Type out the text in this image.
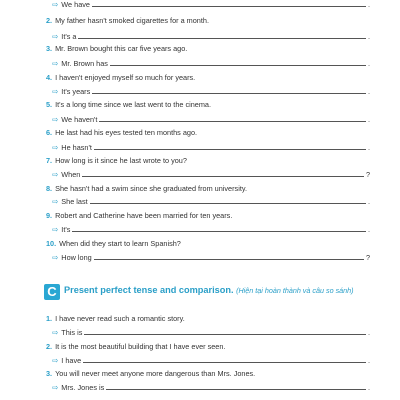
⇨ We have	.
2. My father hasn't smoked cigarettes for a month.
⇨ It's a	.
3. Mr. Brown bought this car five years ago.
⇨ Mr. Brown has	.
4. I haven't enjoyed myself so much for years.
⇨ It's years	.
5. It's a long time since we last went to the cinema.
⇨ We haven't	.
6. He last had his eyes tested ten months ago.
⇨ He hasn't	.
7. How long is it since he last wrote to you?
⇨ When	?
8. She hasn't had a swim since she graduated from university.
⇨ She last	.
9. Robert and Catherine have been married for ten years.
⇨ It's	.
10. When did they start to learn Spanish?
⇨ How long	?
C Present perfect tense and comparison. (Hiện tại hoàn thành và câu so sánh)
1. I have never read such a romantic story.
⇨ This is	.
2. It is the most beautiful building that I have ever seen.
⇨ I have	.
3. You will never meet anyone more dangerous than Mrs. Jones.
⇨ Mrs. Jones is	.
